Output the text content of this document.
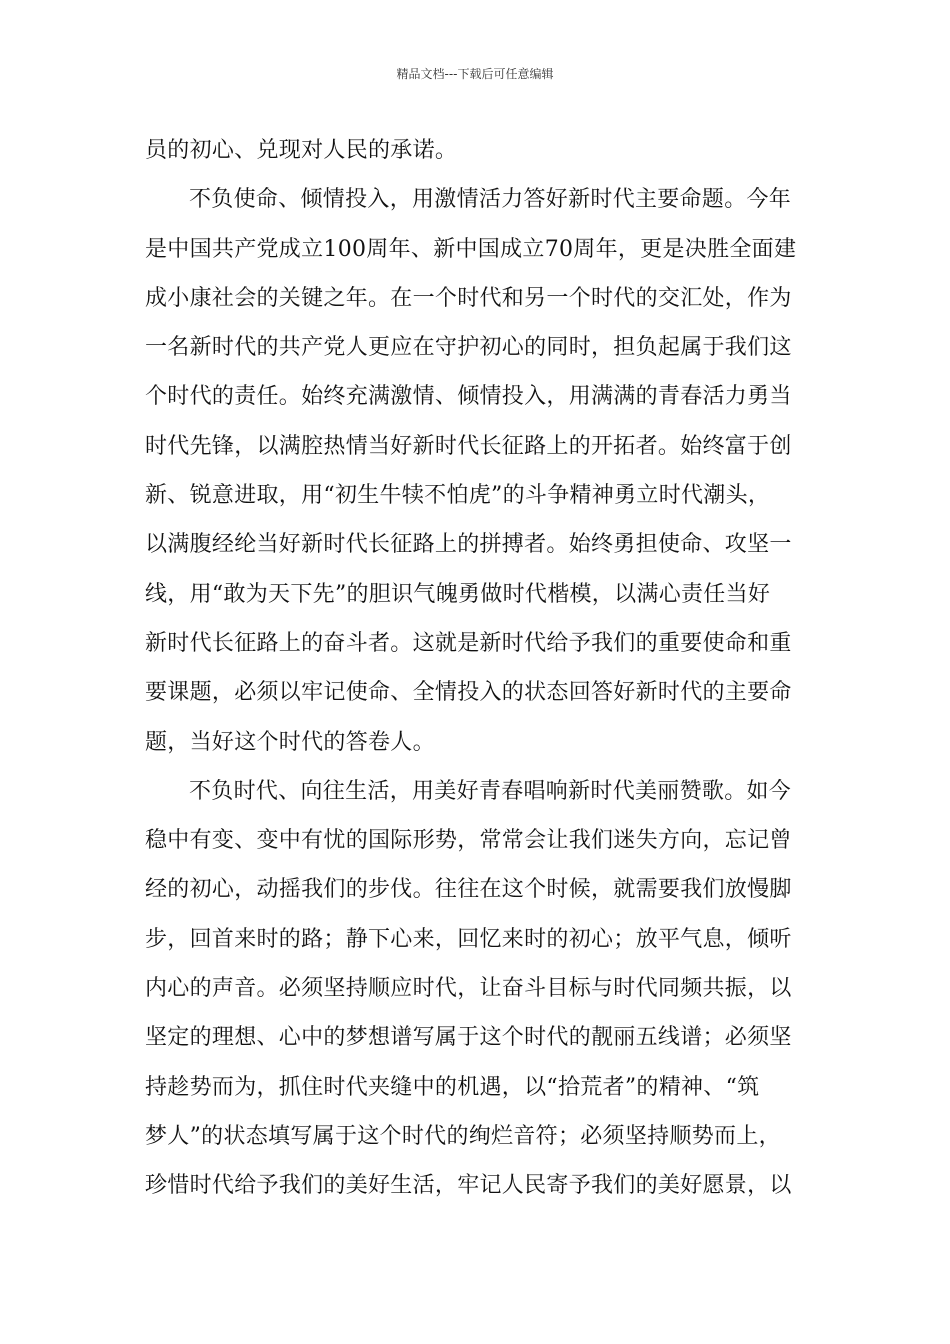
精品文档---下载后可任意编辑
员的初心、兑现对人民的承诺。
不负使命、倾情投入，用激情活力答好新时代主要命题。今年
是中国共产党成立100周年、新中国成立70周年，更是决胜全面建
成小康社会的关键之年。在一个时代和另一个时代的交汇处，作为
一名新时代的共产党人更应在守护初心的同时，担负起属于我们这
个时代的责任。始终充满激情、倾情投入，用满满的青春活力勇当
时代先锋，以满腔热情当好新时代长征路上的开拓者。始终富于创
新、锐意进取，用“初生牛犊不怕虎”的斗争精神勇立时代潮头，
以满腹经纶当好新时代长征路上的拼搏者。始终勇担使命、攻坚一
线，用“敢为天下先”的胆识气魄勇做时代楷模，以满心责任当好
新时代长征路上的奋斗者。这就是新时代给予我们的重要使命和重
要课题，必须以牢记使命、全情投入的状态回答好新时代的主要命
题，当好这个时代的答卷人。
不负时代、向往生活，用美好青春唱响新时代美丽赞歌。如今
稳中有变、变中有忧的国际形势，常常会让我们迷失方向，忘记曾
经的初心，动摇我们的步伐。往往在这个时候，就需要我们放慢脚
步，回首来时的路；静下心来，回忆来时的初心；放平气息，倾听
内心的声音。必须坚持顺应时代，让奋斗目标与时代同频共振，以
坚定的理想、心中的梦想谱写属于这个时代的靓丽五线谱；必须坚
持趁势而为，抓住时代夹缝中的机遇，以“拾荒者”的精神、“筑
梦人”的状态填写属于这个时代的绚烂音符；必须坚持顺势而上，
珍惜时代给予我们的美好生活，牢记人民寄予我们的美好愿景，以
